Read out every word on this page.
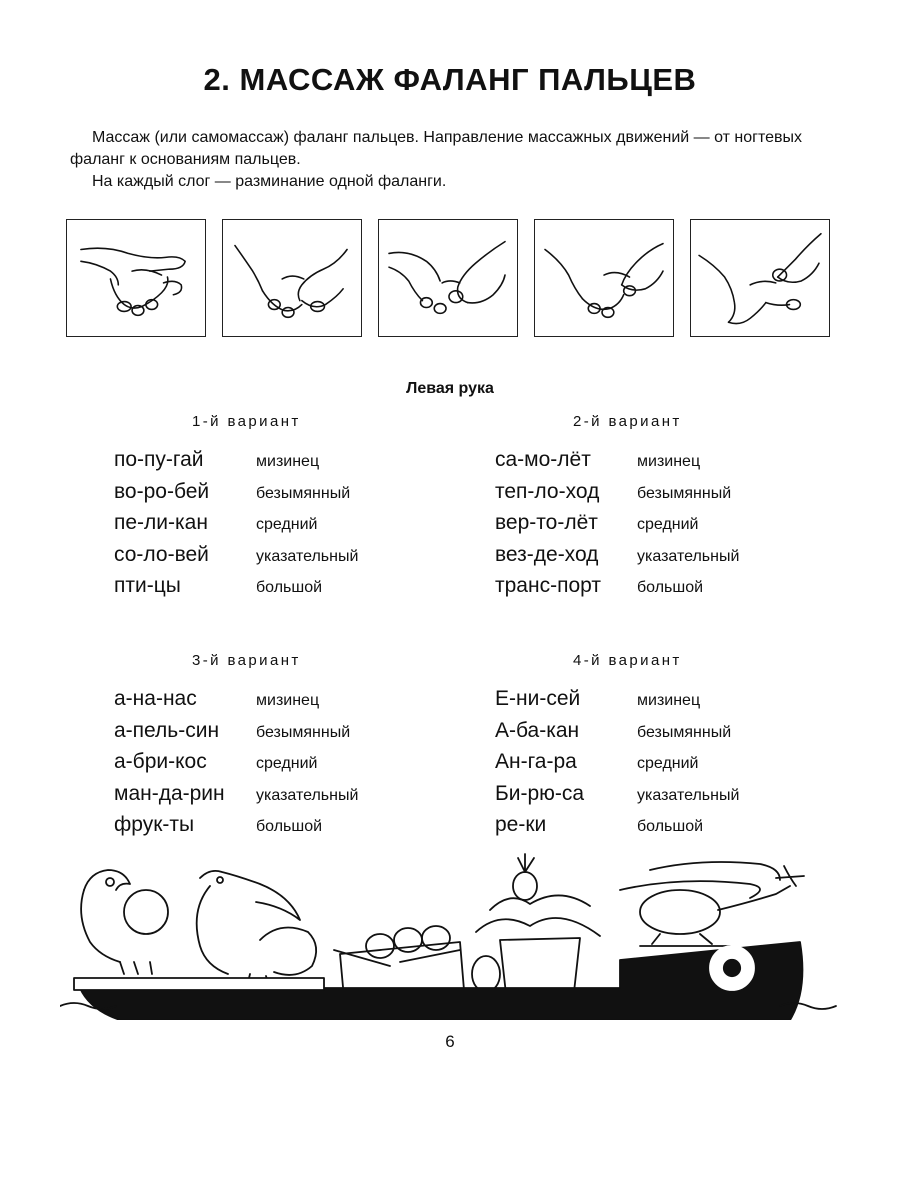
2. МАССАЖ ФАЛАНГ ПАЛЬЦЕВ

Массаж (или самомассаж) фаланг пальцев. Направление массажных движений — от ногтевых фаланг к основаниям пальцев.

На каждый слог — разминание одной фаланги.

Левая рука
1-й вариант
по-пу-гай	мизинец
во-ро-бей	безымянный
пе-ли-кан	средний
со-ло-вей	указательный
пти-цы	большой
2-й вариант
са-мо-лёт	мизинец
теп-ло-ход	безымянный
вер-то-лёт	средний
вез-де-ход	указательный
транс-порт	большой
3-й вариант
а-на-нас	мизинец
а-пель-син	безымянный
а-бри-кос	средний
ман-да-рин	указательный
фрук-ты	большой
4-й вариант
Е-ни-сей	мизинец
А-ба-кан	безымянный
Ан-га-ра	средний
Би-рю-са	указательный
ре-ки	большой
6
